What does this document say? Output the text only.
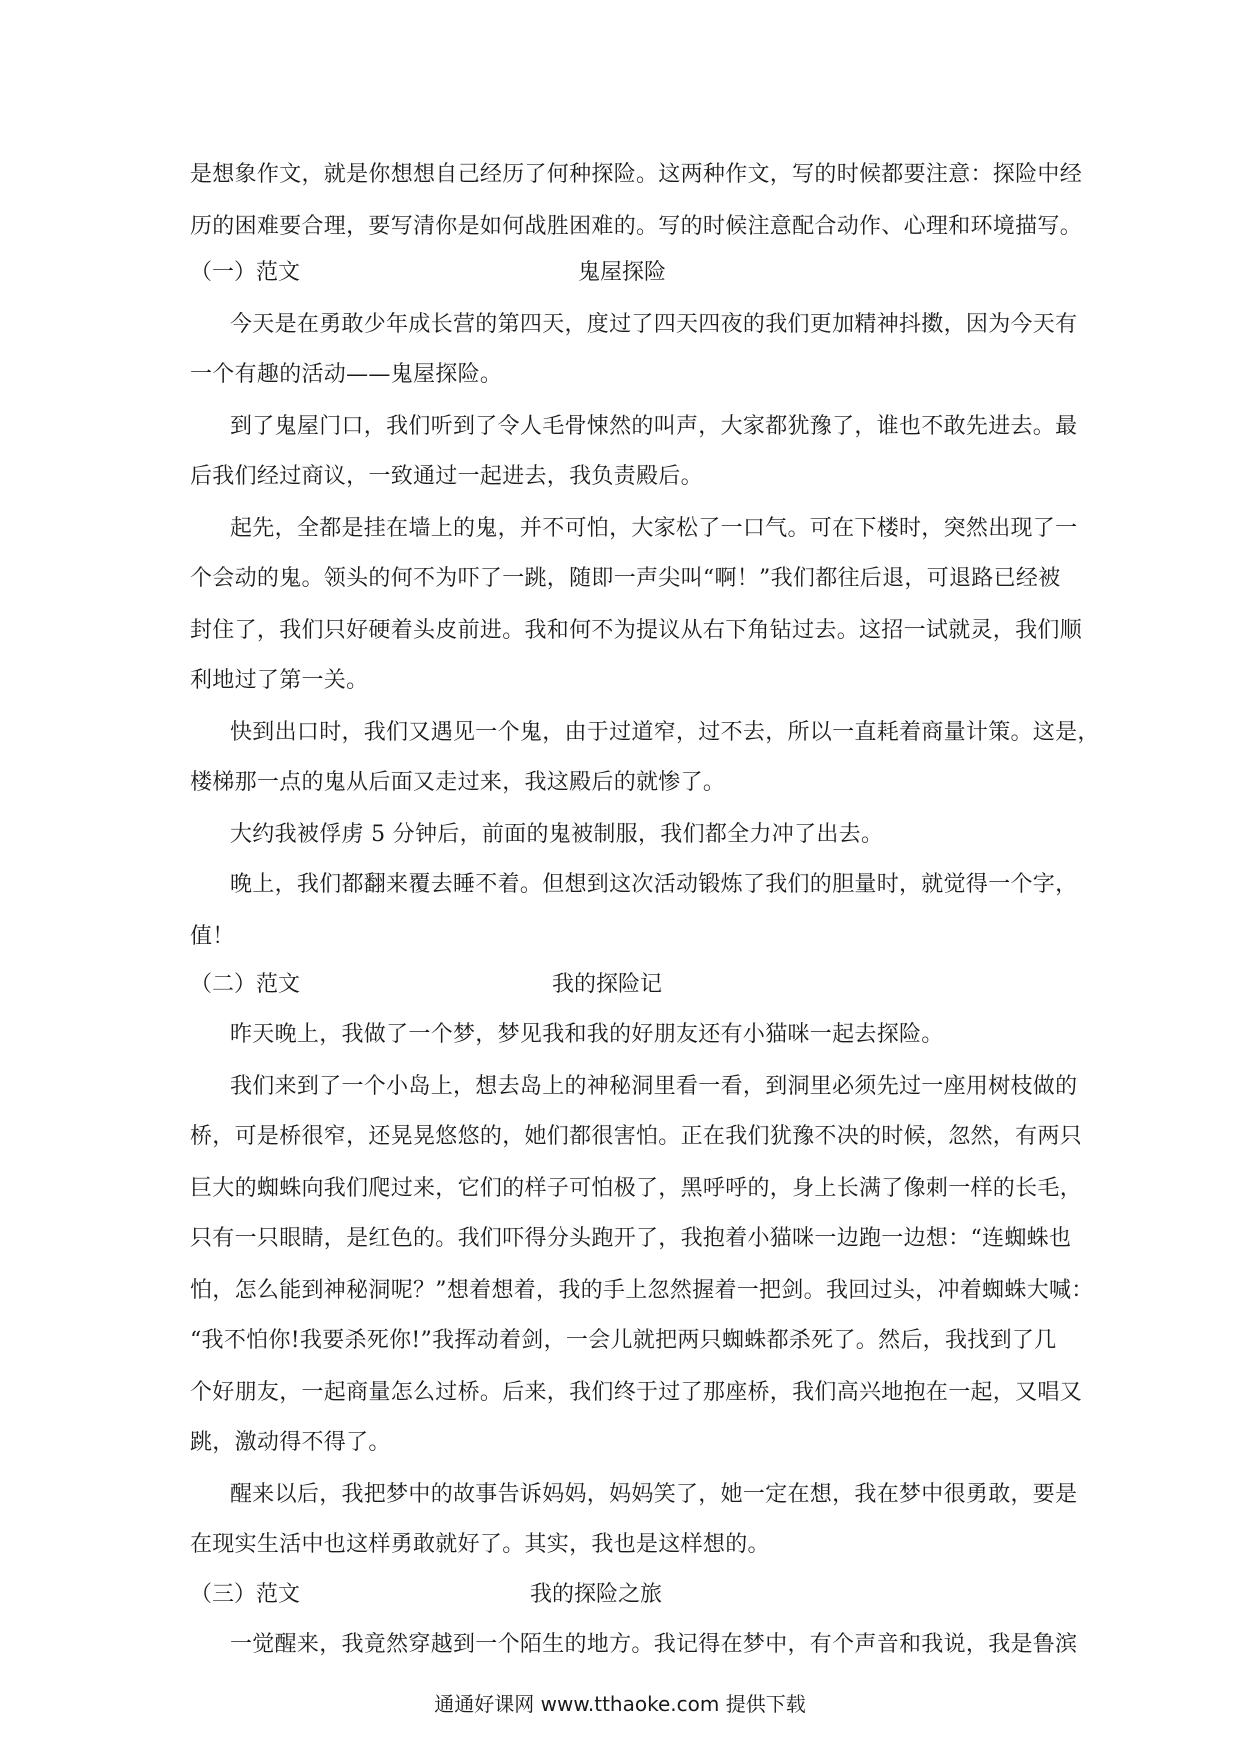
是想象作文，就是你想想自己经历了何种探险。这两种作文，写的时候都要注意：探险中经
历的困难要合理，要写清你是如何战胜困难的。写的时候注意配合动作、心理和环境描写。
（一）范文	鬼屋探险
今天是在勇敢少年成长营的第四天，度过了四天四夜的我们更加精神抖擞，因为今天有
一个有趣的活动——鬼屋探险。
到了鬼屋门口，我们听到了令人毛骨悚然的叫声，大家都犹豫了，谁也不敢先进去。最
后我们经过商议，一致通过一起进去，我负责殿后。
起先，全都是挂在墙上的鬼，并不可怕，大家松了一口气。可在下楼时，突然出现了一
个会动的鬼。领头的何不为吓了一跳，随即一声尖叫“啊！”我们都往后退，可退路已经被
封住了，我们只好硬着头皮前进。我和何不为提议从右下角钻过去。这招一试就灵，我们顺
利地过了第一关。
快到出口时，我们又遇见一个鬼，由于过道窄，过不去，所以一直耗着商量计策。这是，
楼梯那一点的鬼从后面又走过来，我这殿后的就惨了。
大约我被俘虏 5 分钟后，前面的鬼被制服，我们都全力冲了出去。
晚上，我们都翻来覆去睡不着。但想到这次活动锻炼了我们的胆量时，就觉得一个字，
值！
（二）范文	我的探险记
昨天晚上，我做了一个梦，梦见我和我的好朋友还有小猫咪一起去探险。
我们来到了一个小岛上，想去岛上的神秘洞里看一看，到洞里必须先过一座用树枝做的
桥，可是桥很窄，还晃晃悠悠的，她们都很害怕。正在我们犹豫不决的时候，忽然，有两只
巨大的蜘蛛向我们爬过来，它们的样子可怕极了，黑呼呼的，身上长满了像刺一样的长毛，
只有一只眼睛，是红色的。我们吓得分头跑开了，我抱着小猫咪一边跑一边想：“连蜘蛛也
怕，怎么能到神秘洞呢？”想着想着，我的手上忽然握着一把剑。我回过头，冲着蜘蛛大喊：
“我不怕你!我要杀死你!”我挥动着剑，一会儿就把两只蜘蛛都杀死了。然后，我找到了几
个好朋友，一起商量怎么过桥。后来，我们终于过了那座桥，我们高兴地抱在一起，又唱又
跳，激动得不得了。
醒来以后，我把梦中的故事告诉妈妈，妈妈笑了，她一定在想，我在梦中很勇敢，要是
在现实生活中也这样勇敢就好了。其实，我也是这样想的。
（三）范文	我的探险之旅
一觉醒来，我竟然穿越到一个陌生的地方。我记得在梦中，有个声音和我说，我是鲁滨
通通好课网 www.tthaoke.com 提供下载
